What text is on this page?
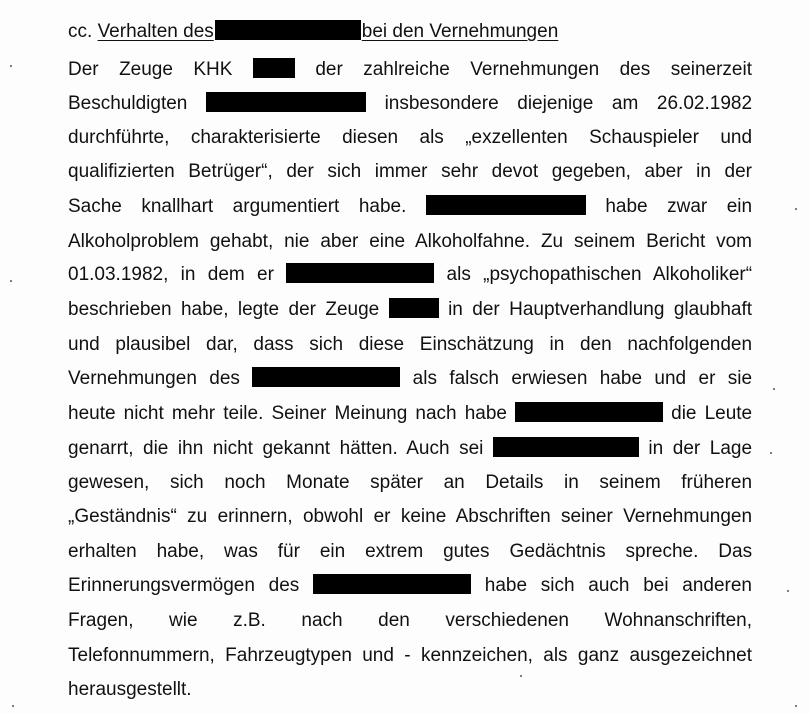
cc. Verhalten des	bei den Vernehmungen
Der Zeuge KHK	der zahlreiche Vernehmungen des seinerzeit
Beschuldigten	insbesondere diejenige am 26.02.1982
durchführte, charakterisierte diesen als „exzellenten Schauspieler und
qualifizierten Betrüger“, der sich immer sehr devot gegeben, aber in der
Sache knallhart argumentiert habe.	habe zwar ein
Alkoholproblem gehabt, nie aber eine Alkoholfahne. Zu seinem Bericht vom
01.03.1982, in dem er	als „psychopathischen Alkoholiker“
beschrieben habe, legte der Zeuge	in der Hauptverhandlung glaubhaft
und plausibel dar, dass sich diese Einschätzung in den nachfolgenden
Vernehmungen des	als falsch erwiesen habe und er sie
heute nicht mehr teile. Seiner Meinung nach habe	die Leute
genarrt, die ihn nicht gekannt hätten. Auch sei	in der Lage
gewesen, sich noch Monate später an Details in seinem früheren
„Geständnis“ zu erinnern, obwohl er keine Abschriften seiner Vernehmungen
erhalten habe, was für ein extrem gutes Gedächtnis spreche. Das
Erinnerungsvermögen des	habe sich auch bei anderen
Fragen, wie z.B. nach den verschiedenen Wohnanschriften,
Telefonnummern, Fahrzeugtypen und - kennzeichen, als ganz ausgezeichnet
herausgestellt.
